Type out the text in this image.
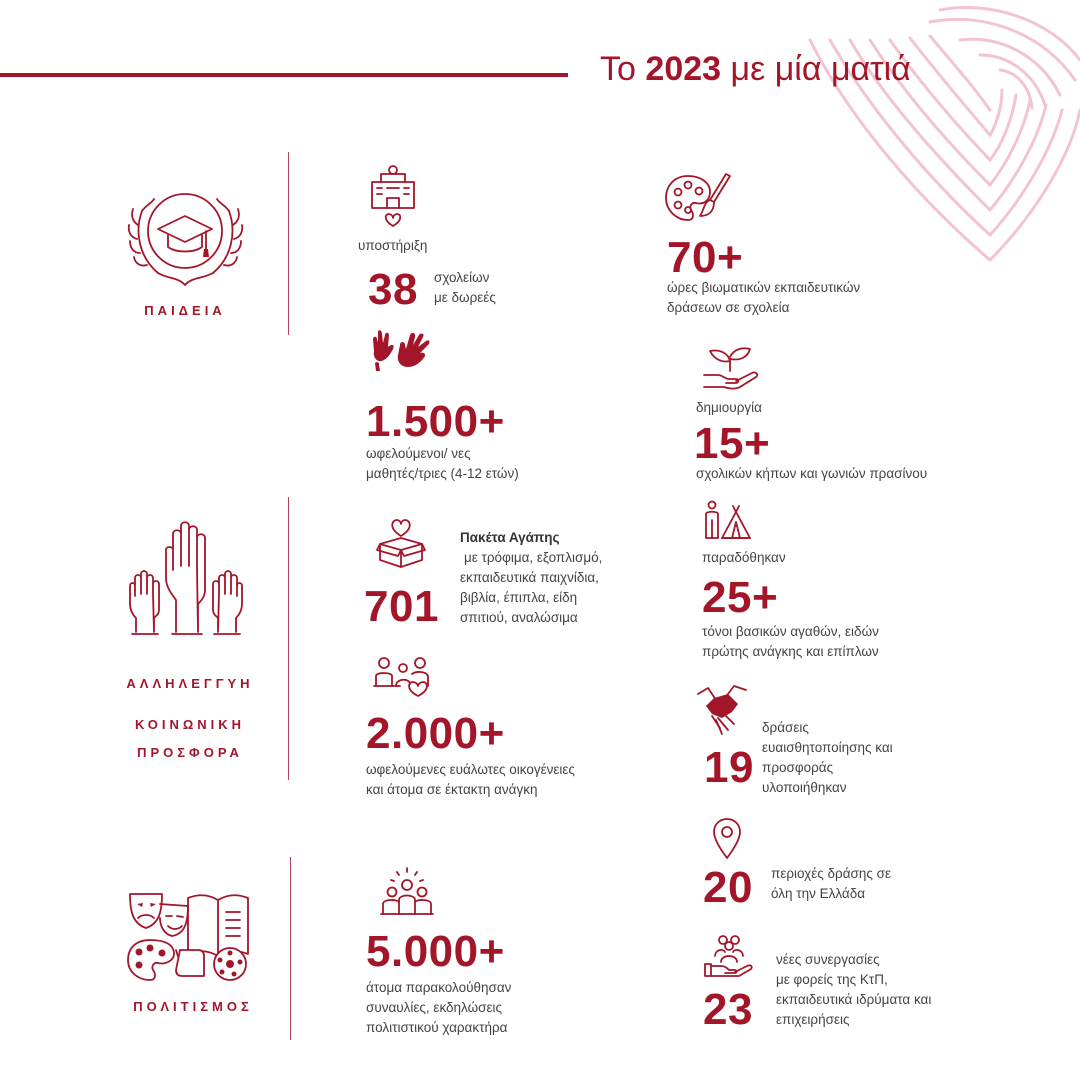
Το 2023 με μία ματιά
ΠΑΙΔΕΙΑ
υποστήριξη
38 σχολείων
με δωρεές
70+
ώρες βιωματικών εκπαιδευτικών
δράσεων σε σχολεία
1.500+
ωφελούμενοι/ νες
μαθητές/τριες (4-12 ετών)
δημιουργία
15+
σχολικών κήπων και γωνιών πρασίνου
ΑΛΛΗΛΕΓΓΥΗ
ΚΟΙΝΩΝΙΚΗ
ΠΡΟΣΦΟΡΑ
701
Πακέτα Αγάπης
με τρόφιμα, εξοπλισμό,
εκπαιδευτικά παιχνίδια,
βιβλία, έπιπλα, είδη
σπιτιού, αναλώσιμα
παραδόθηκαν
25+
τόνοι βασικών αγαθών, ειδών
πρώτης ανάγκης και επίπλων
2.000+
ωφελούμενες ευάλωτες οικογένειες
και άτομα σε έκτακτη ανάγκη	19
δράσεις
ευαισθητοποίησης και
προσφοράς
υλοποιήθηκαν
20 περιοχές δράσης σε
όλη την Ελλάδα
ΠΟΛΙΤΙΣΜΟΣ
5.000+
άτομα παρακολούθησαν
συναυλίες, εκδηλώσεις
πολιτιστικού χαρακτήρα	23
νέες συνεργασίες
με φορείς της ΚτΠ,
εκπαιδευτικά ιδρύματα και
επιχειρήσεις
